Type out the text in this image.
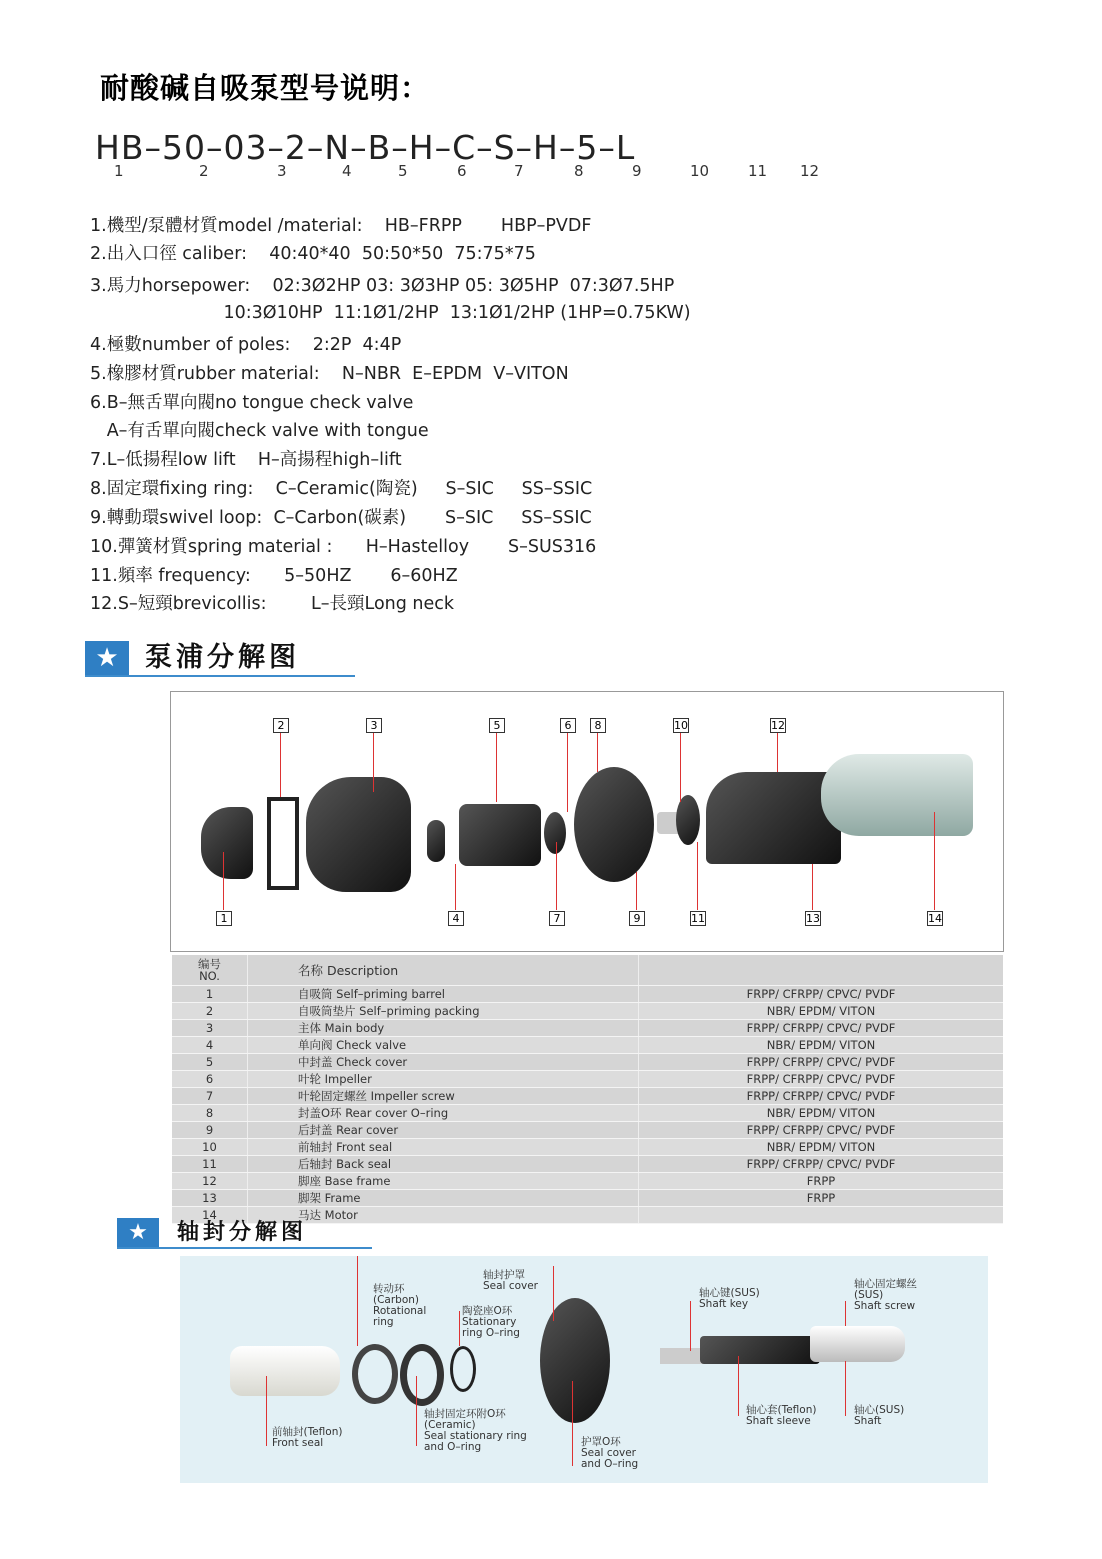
耐酸碱自吸泵型号说明：
HB–50–03–2–N–B–H–C–S–H–5–L
★ 泵浦分解图
1
2	3
4
5	6
7
8
9
10
11
12
13	14
编号
NO.	名称 Description	
1	自吸筒 Self–priming barrel	FRPP/ CFRPP/ CPVC/ PVDF
2	自吸筒垫片 Self–priming packing	NBR/ EPDM/ VITON
3	主体 Main body	FRPP/ CFRPP/ CPVC/ PVDF
4	单向阀 Check valve	NBR/ EPDM/ VITON
5	中封盖 Check cover	FRPP/ CFRPP/ CPVC/ PVDF
6	叶轮 Impeller	FRPP/ CFRPP/ CPVC/ PVDF
7	叶轮固定螺丝 Impeller screw	FRPP/ CFRPP/ CPVC/ PVDF
8	封盖O环 Rear cover O–ring	NBR/ EPDM/ VITON
9	后封盖 Rear cover	FRPP/ CFRPP/ CPVC/ PVDF
10	前轴封 Front seal	NBR/ EPDM/ VITON
11	后轴封 Back seal	FRPP/ CFRPP/ CPVC/ PVDF
12	脚座 Base frame	FRPP
13	脚架 Frame	FRPP
14	马达 Motor	
★	轴封分解图
转动环
(Carbon)
Rotational
ring
轴封护罩
Seal cover
陶瓷座O环
Stationary
ring O–ring
轴心键(SUS)
Shaft key
轴心固定螺丝
(SUS)
Shaft screw
前轴封(Teflon)
Front seal
轴封固定环附O环
(Ceramic)
Seal stationary ring
and O–ring	护罩O环
Seal cover
and O–ring
轴心套(Teflon)
Shaft sleeve
轴心(SUS)
Shaft
1	2	3	4	5	6	7	8	9	10	11 12
1.機型/泵體材質model /material:    HB–FRPP       HBP–PVDF
2.出入口徑 caliber:    40:40*40  50:50*50  75:75*75
3.馬力horsepower:    02:3Ø2HP 03: 3Ø3HP 05: 3Ø5HP  07:3Ø7.5HP
10:3Ø10HP  11:1Ø1/2HP  13:1Ø1/2HP (1HP=0.75KW)
4.極數number of poles:    2:2P  4:4P
5.橡膠材質rubber material:    N–NBR  E–EPDM  V–VITON
6.B–無舌單向閥no tongue check valve
A–有舌單向閥check valve with tongue
7.L–低揚程low lift    H–高揚程high–lift
8.固定環fixing ring:    C–Ceramic(陶瓷)     S–SIC     SS–SSIC
9.轉動環swivel loop:  C–Carbon(碳素)       S–SIC     SS–SSIC
10.彈簧材質spring material :      H–Hastelloy       S–SUS316
11.頻率 frequency:      5–50HZ       6–60HZ
12.S–短頸brevicollis:        L–長頸Long neck
